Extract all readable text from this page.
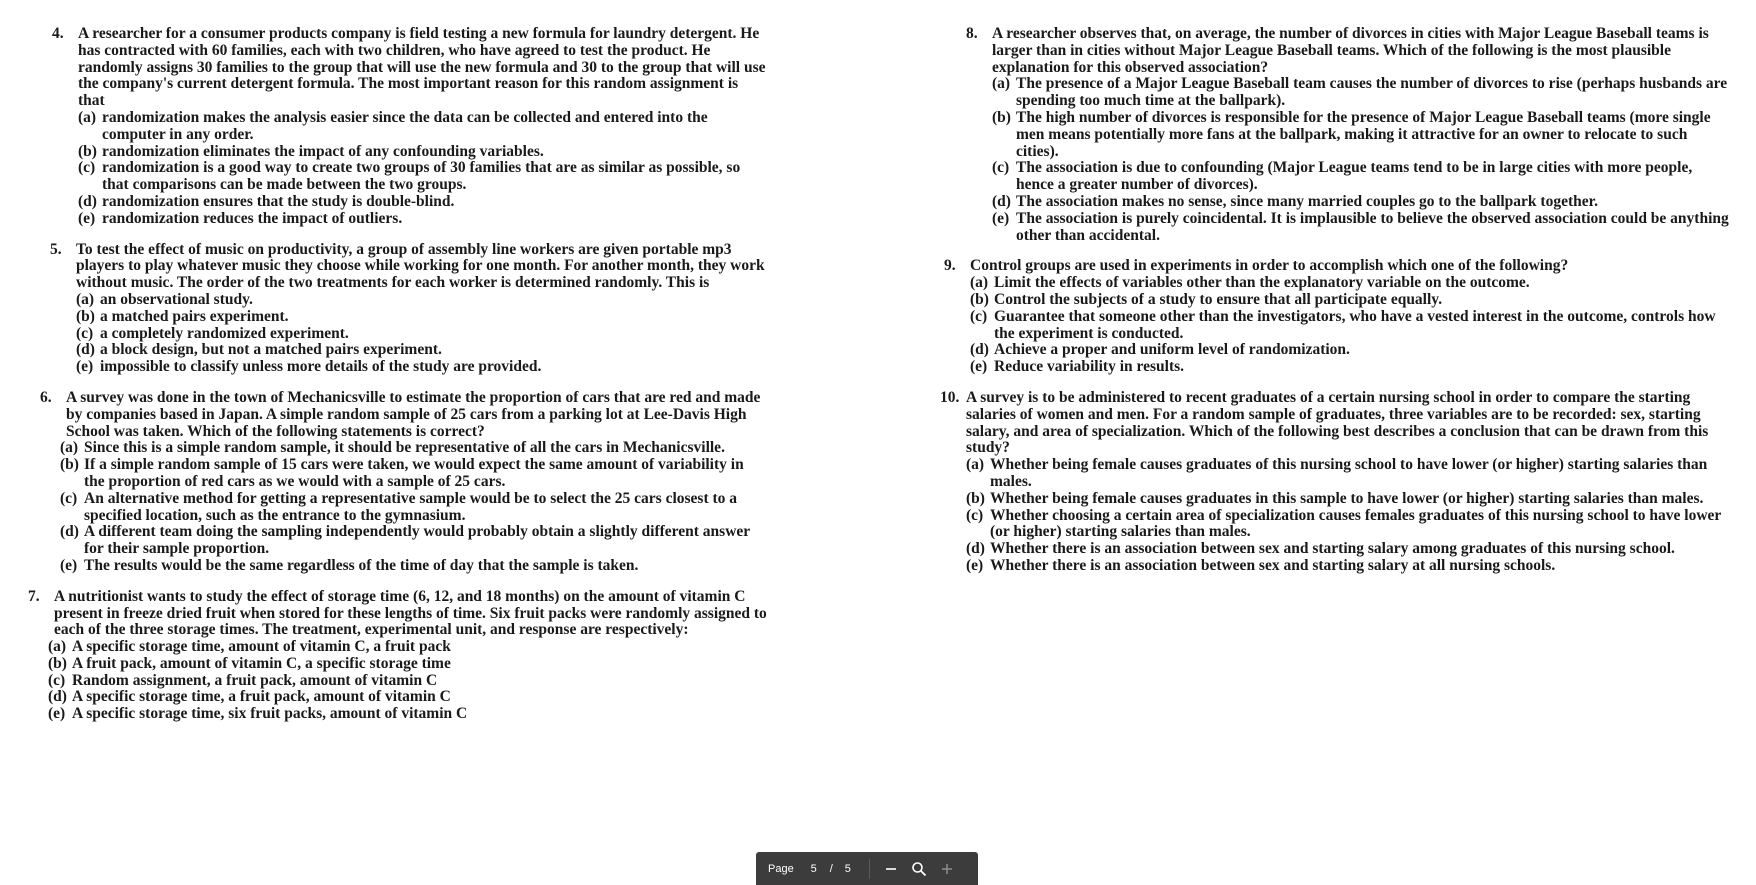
4. A researcher for a consumer products company is field testing a new formula for laundry detergent. He has contracted with 60 families, each with two children, who have agreed to test the product. He randomly assigns 30 families to the group that will use the new formula and 30 to the group that will use the company's current detergent formula. The most important reason for this random assignment is that
(a) randomization makes the analysis easier since the data can be collected and entered into the computer in any order.
(b) randomization eliminates the impact of any confounding variables.
(c) randomization is a good way to create two groups of 30 families that are as similar as possible, so that comparisons can be made between the two groups.
(d) randomization ensures that the study is double-blind.
(e) randomization reduces the impact of outliers.
5. To test the effect of music on productivity, a group of assembly line workers are given portable mp3 players to play whatever music they choose while working for one month. For another month, they work without music. The order of the two treatments for each worker is determined randomly. This is
(a) an observational study.
(b) a matched pairs experiment.
(c) a completely randomized experiment.
(d) a block design, but not a matched pairs experiment.
(e) impossible to classify unless more details of the study are provided.
6. A survey was done in the town of Mechanicsville to estimate the proportion of cars that are red and made by companies based in Japan. A simple random sample of 25 cars from a parking lot at Lee-Davis High School was taken. Which of the following statements is correct?
(a) Since this is a simple random sample, it should be representative of all the cars in Mechanicsville.
(b) If a simple random sample of 15 cars were taken, we would expect the same amount of variability in the proportion of red cars as we would with a sample of 25 cars.
(c) An alternative method for getting a representative sample would be to select the 25 cars closest to a specified location, such as the entrance to the gymnasium.
(d) A different team doing the sampling independently would probably obtain a slightly different answer for their sample proportion.
(e) The results would be the same regardless of the time of day that the sample is taken.
7. A nutritionist wants to study the effect of storage time (6, 12, and 18 months) on the amount of vitamin C present in freeze dried fruit when stored for these lengths of time. Six fruit packs were randomly assigned to each of the three storage times. The treatment, experimental unit, and response are respectively:
(a) A specific storage time, amount of vitamin C, a fruit pack
(b) A fruit pack, amount of vitamin C, a specific storage time
(c) Random assignment, a fruit pack, amount of vitamin C
(d) A specific storage time, a fruit pack, amount of vitamin C
(e) A specific storage time, six fruit packs, amount of vitamin C
8. A researcher observes that, on average, the number of divorces in cities with Major League Baseball teams is larger than in cities without Major League Baseball teams. Which of the following is the most plausible explanation for this observed association?
(a) The presence of a Major League Baseball team causes the number of divorces to rise (perhaps husbands are spending too much time at the ballpark).
(b) The high number of divorces is responsible for the presence of Major League Baseball teams (more single men means potentially more fans at the ballpark, making it attractive for an owner to relocate to such cities).
(c) The association is due to confounding (Major League teams tend to be in large cities with more people, hence a greater number of divorces).
(d) The association makes no sense, since many married couples go to the ballpark together.
(e) The association is purely coincidental. It is implausible to believe the observed association could be anything other than accidental.
9. Control groups are used in experiments in order to accomplish which one of the following?
(a) Limit the effects of variables other than the explanatory variable on the outcome.
(b) Control the subjects of a study to ensure that all participate equally.
(c) Guarantee that someone other than the investigators, who have a vested interest in the outcome, controls how the experiment is conducted.
(d) Achieve a proper and uniform level of randomization.
(e) Reduce variability in results.
10. A survey is to be administered to recent graduates of a certain nursing school in order to compare the starting salaries of women and men. For a random sample of graduates, three variables are to be recorded: sex, starting salary, and area of specialization. Which of the following best describes a conclusion that can be drawn from this study?
(a) Whether being female causes graduates of this nursing school to have lower (or higher) starting salaries than males.
(b) Whether being female causes graduates in this sample to have lower (or higher) starting salaries than males.
(c) Whether choosing a certain area of specialization causes females graduates of this nursing school to have lower (or higher) starting salaries than males.
(d) Whether there is an association between sex and starting salary among graduates of this nursing school.
(e) Whether there is an association between sex and starting salary at all nursing schools.
Page 5 / 5
